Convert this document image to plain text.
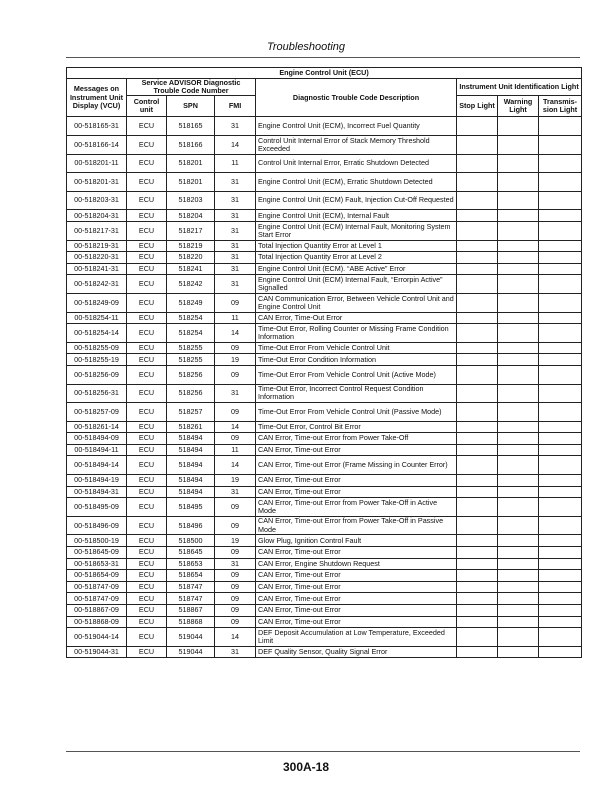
Troubleshooting
Engine Control Unit (ECU)							
Messages on Instrument Unit Display (VCU)	Service ADVISOR Diagnostic Trouble Code Number			Diagnostic Trouble Code Description	Instrument Unit Identification Light		
	Control unit	SPN	FMI		Stop Light	Warning Light	Transmis- sion Light
00-518165-31	ECU	518165	31	Engine Control Unit (ECM), Incorrect Fuel Quantity			
00-518166-14	ECU	518166	14	Control Unit Internal Error of Stack Memory Threshold Exceeded			
00-518201-11	ECU	518201	11	Control Unit Internal Error, Erratic Shutdown Detected			
00-518201-31	ECU	518201	31	Engine Control Unit (ECM), Erratic Shutdown Detected			
00-518203-31	ECU	518203	31	Engine Control Unit (ECM) Fault, Injection Cut-Off Requested			
00-518204-31	ECU	518204	31	Engine Control Unit (ECM), Internal Fault			
00-518217-31	ECU	518217	31	Engine Control Unit (ECM) Internal Fault, Monitoring System Start Error			
00-518219-31	ECU	518219	31	Total Injection Quantity Error at Level 1			
00-518220-31	ECU	518220	31	Total Injection Quantity Error at Level 2			
00-518241-31	ECU	518241	31	Engine Control Unit (ECM). “ABE Active” Error			
00-518242-31	ECU	518242	31	Engine Control Unit (ECM) Internal Fault, “Errorpin Active” Signalled			
00-518249-09	ECU	518249	09	CAN Communication Error, Between Vehicle Control Unit and Engine Control Unit			
00-518254-11	ECU	518254	11	CAN Error, Time-Out Error			
00-518254-14	ECU	518254	14	Time-Out Error, Rolling Counter or Missing Frame Condition Information			
00-518255-09	ECU	518255	09	Time-Out Error From Vehicle Control Unit			
00-518255-19	ECU	518255	19	Time-Out Error Condition Information			
00-518256-09	ECU	518256	09	Time-Out Error From Vehicle Control Unit (Active Mode)			
00-518256-31	ECU	518256	31	Time-Out Error, Incorrect Control Request Condition Information			
00-518257-09	ECU	518257	09	Time-Out Error From Vehicle Control Unit (Passive Mode)			
00-518261-14	ECU	518261	14	Time-Out Error, Control Bit Error			
00-518494-09	ECU	518494	09	CAN Error, Time-out Error from Power Take-Off			
00-518494-11	ECU	518494	11	CAN Error, Time-out Error			
00-518494-14	ECU	518494	14	CAN Error, Time-out Error (Frame Missing in Counter Error)			
00-518494-19	ECU	518494	19	CAN Error, Time-out Error			
00-518494-31	ECU	518494	31	CAN Error, Time-out Error			
00-518495-09	ECU	518495	09	CAN Error, Time-out Error from Power Take-Off in Active Mode			
00-518496-09	ECU	518496	09	CAN Error, Time-out Error from Power Take-Off in Passive Mode			
00-518500-19	ECU	518500	19	Glow Plug, Ignition Control Fault			
00-518645-09	ECU	518645	09	CAN Error, Time-out Error			
00-518653-31	ECU	518653	31	CAN Error, Engine Shutdown Request			
00-518654-09	ECU	518654	09	CAN Error, Time-out Error			
00-518747-09	ECU	518747	09	CAN Error, Time-out Error			
00-518747-09	ECU	518747	09	CAN Error, Time-out Error			
00-518867-09	ECU	518867	09	CAN Error, Time-out Error			
00-518868-09	ECU	518868	09	CAN Error, Time-out Error			
00-519044-14	ECU	519044	14	DEF Deposit Accumulation at Low Temperature, Exceeded Limit			
00-519044-31	ECU	519044	31	DEF Quality Sensor, Quality Signal Error			
300A-18
